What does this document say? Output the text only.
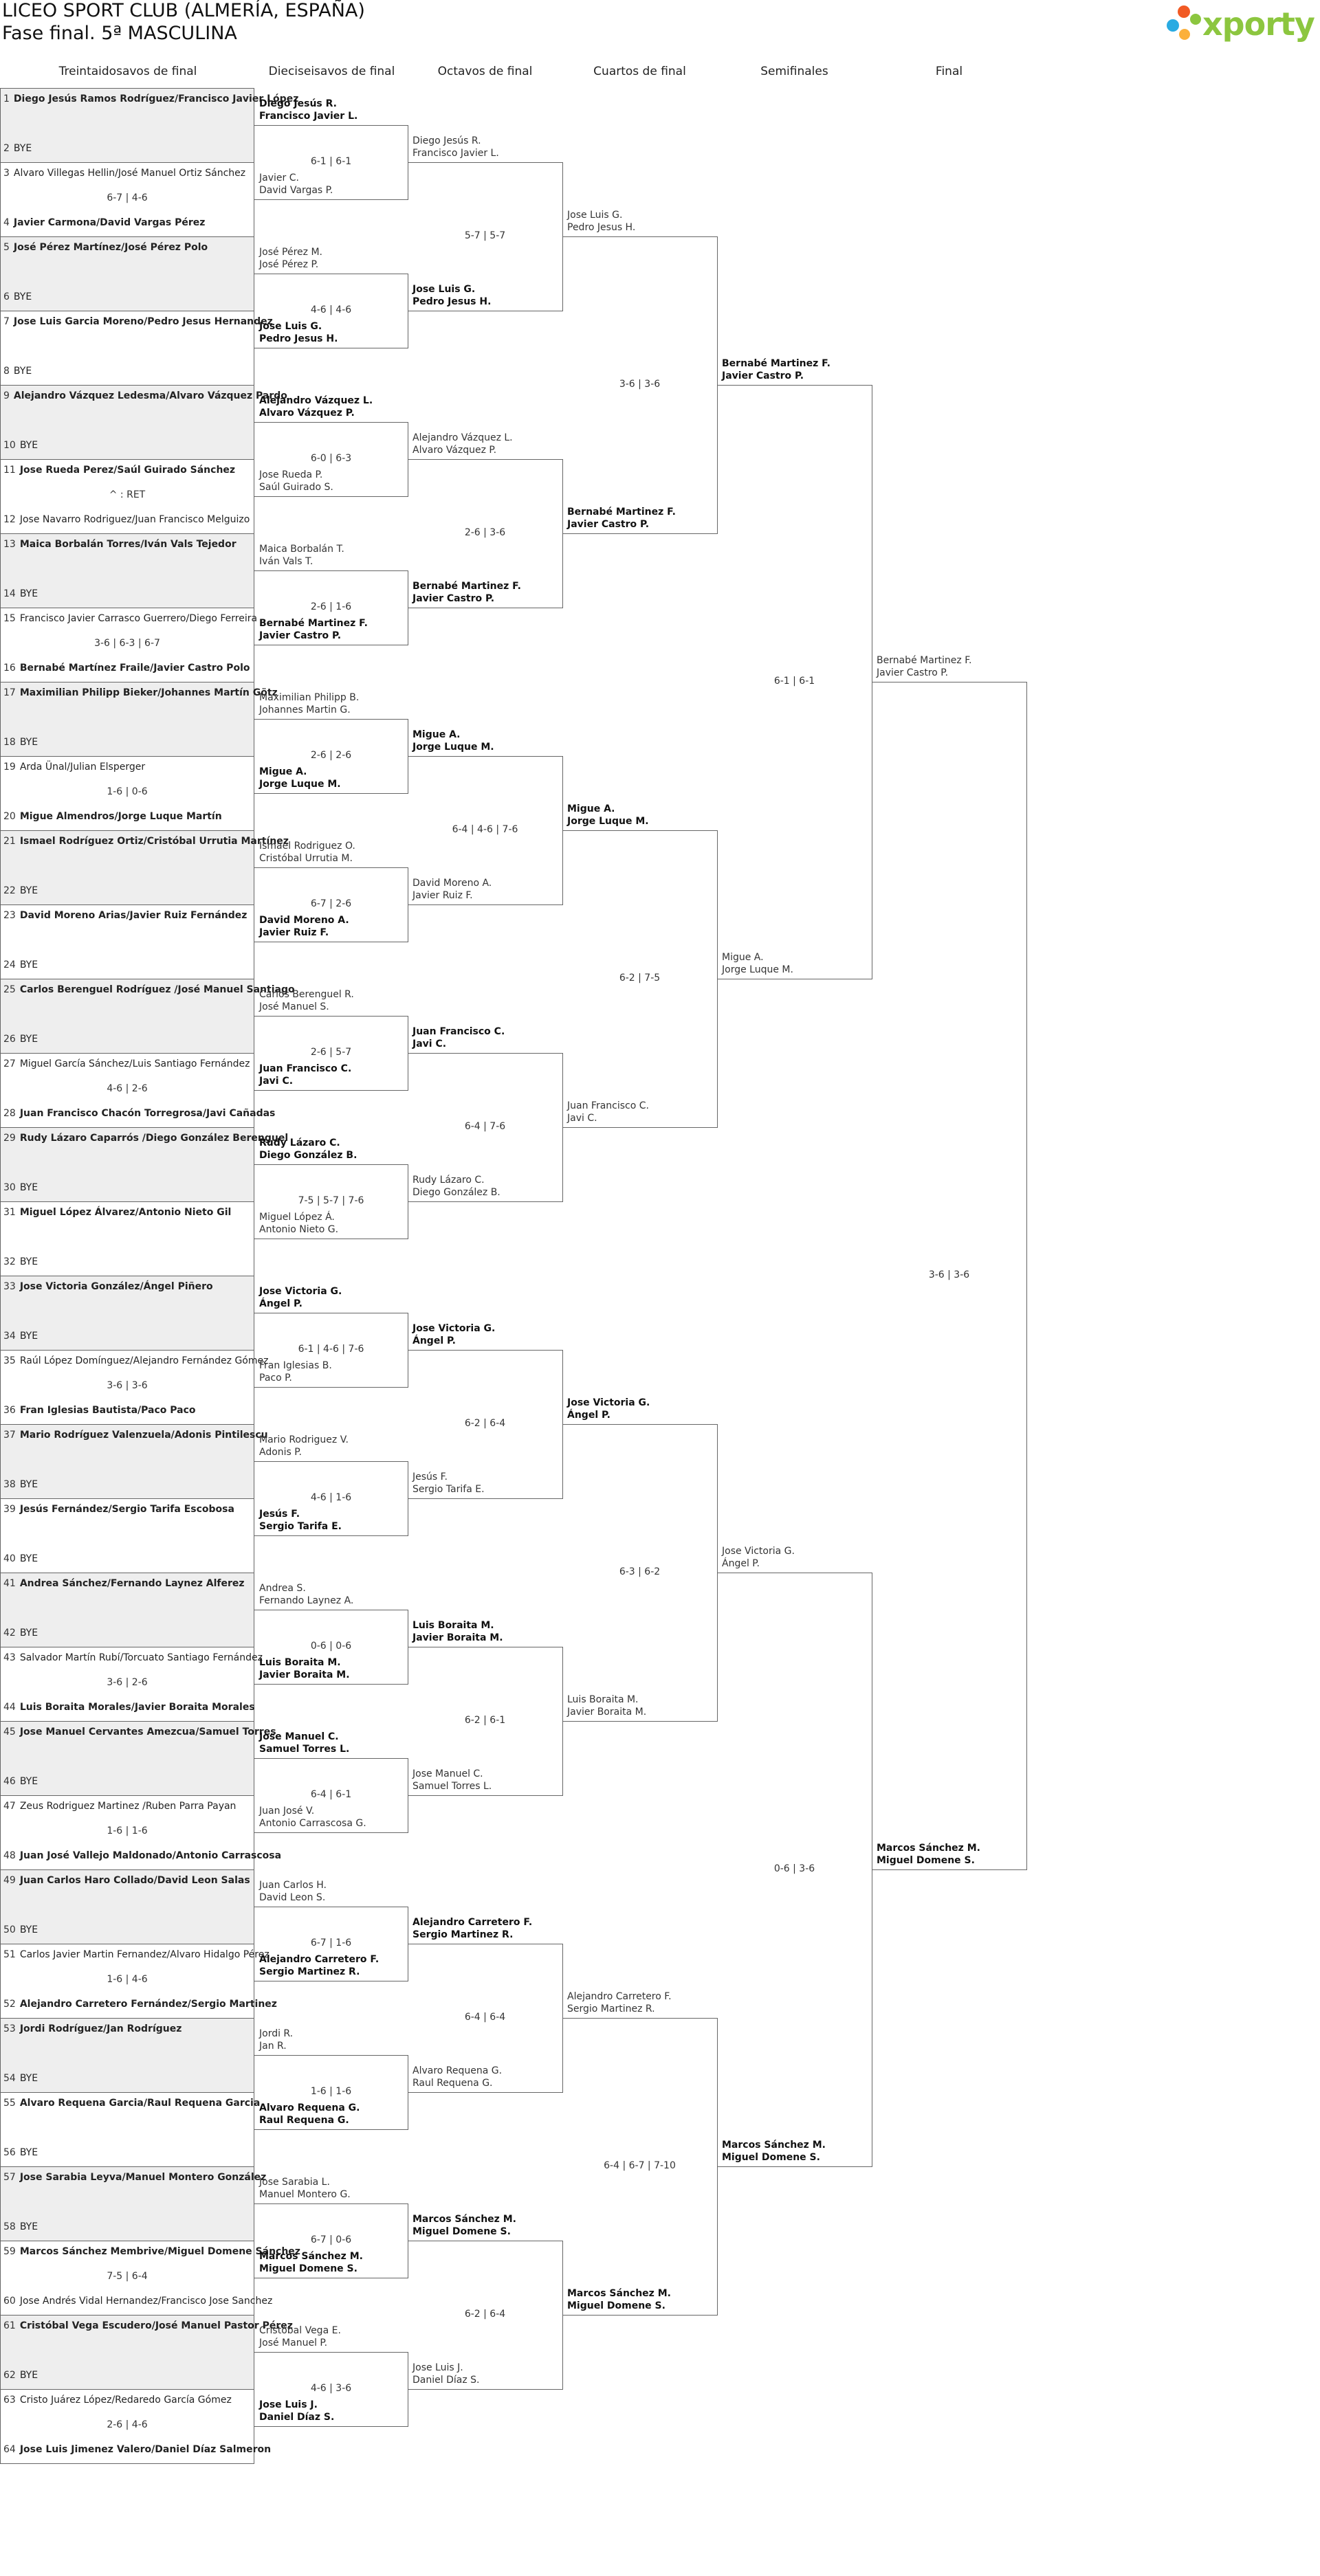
LICEO SPORT CLUB (ALMERÍA, ESPAÑA)
Fase final. 5ª MASCULINA	xporty
Treintaidosavos de final	Dieciseisavos de final	Octavos de final	Cuartos de final	Semifinales	Final
1 Diego Jesús Ramos Rodríguez/Francisco Javier López
2 BYE
3 Alvaro Villegas Hellin/José Manuel Ortiz Sánchez
4 Javier Carmona/David Vargas Pérez
6-7 | 4-6
5 José Pérez Martínez/José Pérez Polo
6 BYE
7 Jose Luis Garcia Moreno/Pedro Jesus Hernandez
8 BYE
9 Alejandro Vázquez Ledesma/Alvaro Vázquez Pardo
10 BYE
11 Jose Rueda Perez/Saúl Guirado Sánchez
12 Jose Navarro Rodriguez/Juan Francisco Melguizo
^ : RET
13 Maica Borbalán Torres/Iván Vals Tejedor
14 BYE
15 Francisco Javier Carrasco Guerrero/Diego Ferreira
16 Bernabé Martínez Fraile/Javier Castro Polo
3-6 | 6-3 | 6-7
17 Maximilian Philipp Bieker/Johannes Martín Götz
18 BYE
19 Arda Ünal/Julian Elsperger
20 Migue Almendros/Jorge Luque Martín
1-6 | 0-6
21 Ismael Rodríguez Ortiz/Cristóbal Urrutia Martínez
22 BYE
23 David Moreno Arias/Javier Ruiz Fernández
24 BYE
25 Carlos Berenguel Rodríguez /José Manuel Santiago
26 BYE
27 Miguel García Sánchez/Luis Santiago Fernández
28 Juan Francisco Chacón Torregrosa/Javi Cañadas
4-6 | 2-6
29 Rudy Lázaro Caparrós /Diego González Berenguel
30 BYE
31 Miguel López Álvarez/Antonio Nieto Gil
32 BYE
33 Jose Victoria González/Ángel Piñero
34 BYE
35 Raúl López Domínguez/Alejandro Fernández Gómez
36 Fran Iglesias Bautista/Paco Paco
3-6 | 3-6
37 Mario Rodríguez Valenzuela/Adonis Pintilescu
38 BYE
39 Jesús Fernández/Sergio Tarifa Escobosa
40 BYE
41 Andrea Sánchez/Fernando Laynez Alferez
42 BYE
43 Salvador Martín Rubí/Torcuato Santiago Fernández
44 Luis Boraita Morales/Javier Boraita Morales
3-6 | 2-6
45 Jose Manuel Cervantes Amezcua/Samuel Torres
46 BYE
47 Zeus Rodriguez Martinez /Ruben Parra Payan
48 Juan José Vallejo Maldonado/Antonio Carrascosa
1-6 | 1-6
49 Juan Carlos Haro Collado/David Leon Salas
50 BYE
51 Carlos Javier Martin Fernandez/Alvaro Hidalgo Pérez
52 Alejandro Carretero Fernández/Sergio Martinez
1-6 | 4-6
53 Jordi Rodríguez/Jan Rodríguez
54 BYE
55 Alvaro Requena Garcia/Raul Requena Garcia
56 BYE
57 Jose Sarabia Leyva/Manuel Montero González
58 BYE
59 Marcos Sánchez Membrive/Miguel Domene Sánchez
60 Jose Andrés Vidal Hernandez/Francisco Jose Sanchez
7-5 | 6-4
61 Cristóbal Vega Escudero/José Manuel Pastor Pérez
62 BYE
63 Cristo Juárez López/Redaredo García Gómez
64 Jose Luis Jimenez Valero/Daniel Díaz Salmeron
2-6 | 4-6
Diego Jesús R.
Francisco Javier L.
Javier C.
David Vargas P.
6-1 | 6-1
José Pérez M.
José Pérez P.
Jose Luis G.
Pedro Jesus H.
4-6 | 4-6
Alejandro Vázquez L.
Alvaro Vázquez P.
Jose Rueda P.
Saúl Guirado S.
6-0 | 6-3
Maica Borbalán T.
Iván Vals T.
Bernabé Martinez F.
Javier Castro P.
2-6 | 1-6
Maximilian Philipp B.
Johannes Martin G.
Migue A.
Jorge Luque M.
2-6 | 2-6
Ismael Rodriguez O.
Cristóbal Urrutia M.
David Moreno A.
Javier Ruiz F.
6-7 | 2-6
Carlos Berenguel R.
José Manuel S.
Juan Francisco C.
Javi C.
2-6 | 5-7
Rudy Lázaro C.
Diego González B.
Miguel López Á.
Antonio Nieto G.
7-5 | 5-7 | 7-6
Jose Victoria G.
Ángel P.
Fran Iglesias B.
Paco P.
6-1 | 4-6 | 7-6
Mario Rodriguez V.
Adonis P.
Jesús F.
Sergio Tarifa E.
4-6 | 1-6
Andrea S.
Fernando Laynez A.
Luis Boraita M.
Javier Boraita M.
0-6 | 0-6
Jose Manuel C.
Samuel Torres L.
Juan José V.
Antonio Carrascosa G.
6-4 | 6-1
Juan Carlos H.
David Leon S.
Alejandro Carretero F.
Sergio Martinez R.
6-7 | 1-6
Jordi R.
Jan R.
Alvaro Requena G.
Raul Requena G.
1-6 | 1-6
Jose Sarabia L.
Manuel Montero G.
Marcos Sánchez M.
Miguel Domene S.
6-7 | 0-6
Cristóbal Vega E.
José Manuel P.
Jose Luis J.
Daniel Díaz S.
4-6 | 3-6
Diego Jesús R.
Francisco Javier L.
Jose Luis G.
Pedro Jesus H.
5-7 | 5-7
Alejandro Vázquez L.
Alvaro Vázquez P.
Bernabé Martinez F.
Javier Castro P.
2-6 | 3-6
Migue A.
Jorge Luque M.
David Moreno A.
Javier Ruiz F.
6-4 | 4-6 | 7-6
Juan Francisco C.
Javi C.
Rudy Lázaro C.
Diego González B.
6-4 | 7-6
Jose Victoria G.
Ángel P.
Jesús F.
Sergio Tarifa E.
6-2 | 6-4
Luis Boraita M.
Javier Boraita M.
Jose Manuel C.
Samuel Torres L.
6-2 | 6-1
Alejandro Carretero F.
Sergio Martinez R.
Alvaro Requena G.
Raul Requena G.
6-4 | 6-4
Marcos Sánchez M.
Miguel Domene S.
Jose Luis J.
Daniel Díaz S.
6-2 | 6-4
Jose Luis G.
Pedro Jesus H.
Bernabé Martinez F.
Javier Castro P.
3-6 | 3-6
Migue A.
Jorge Luque M.
Juan Francisco C.
Javi C.
6-2 | 7-5
Jose Victoria G.
Ángel P.
Luis Boraita M.
Javier Boraita M.
6-3 | 6-2
Alejandro Carretero F.
Sergio Martinez R.
Marcos Sánchez M.
Miguel Domene S.
6-4 | 6-7 | 7-10
Bernabé Martinez F.
Javier Castro P.
Migue A.
Jorge Luque M.
6-1 | 6-1
Jose Victoria G.
Ángel P.
Marcos Sánchez M.
Miguel Domene S.
0-6 | 3-6
Bernabé Martinez F.
Javier Castro P.
Marcos Sánchez M.
Miguel Domene S.
3-6 | 3-6
